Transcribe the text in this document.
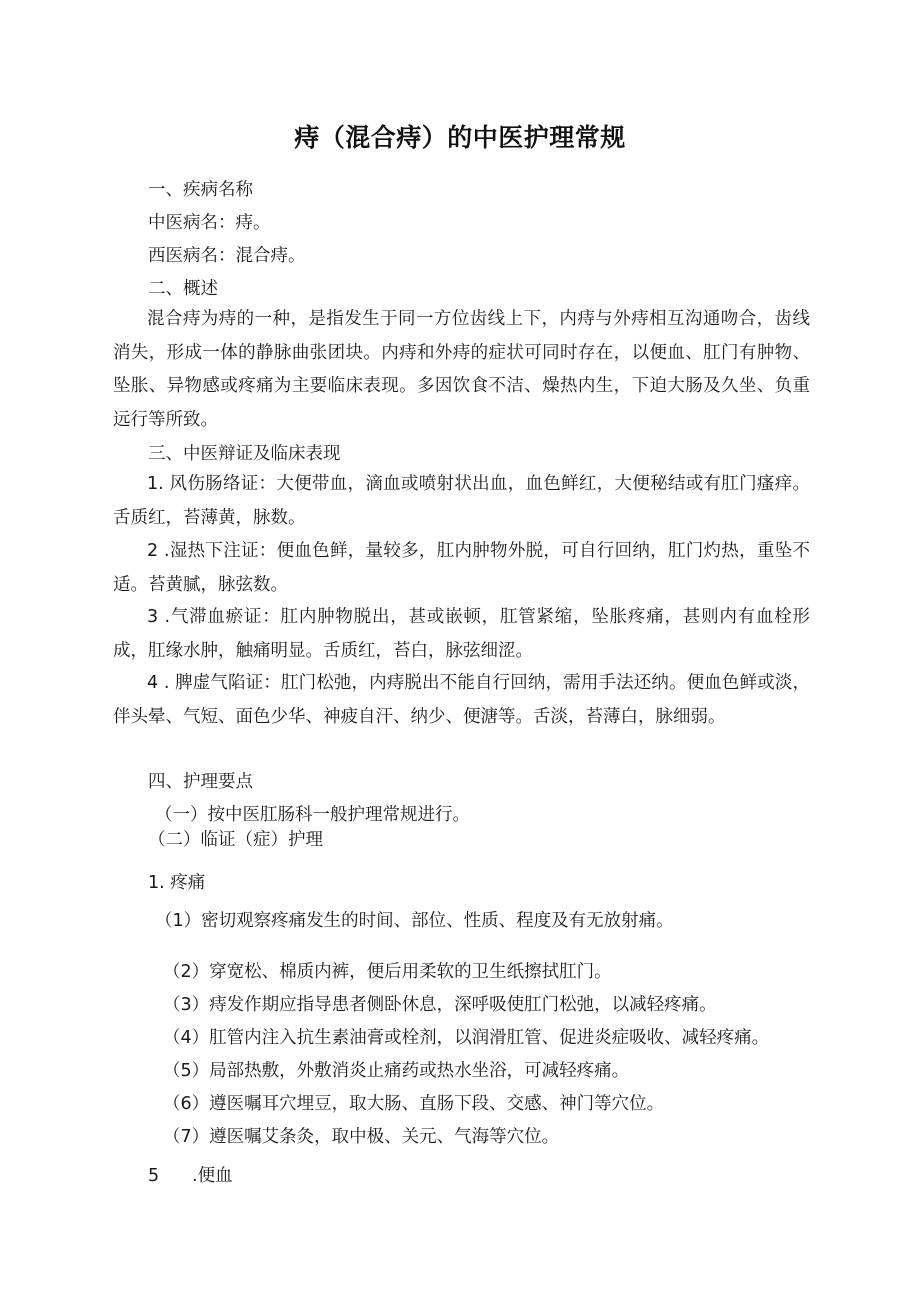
痔（混合痔）的中医护理常规
一、疾病名称
中医病名：痔。
西医病名：混合痔。
二、概述
混合痔为痔的一种，是指发生于同一方位齿线上下，内痔与外痔相互沟通吻合，齿线消失，形成一体的静脉曲张团块。内痔和外痔的症状可同时存在，以便血、肛门有肿物、坠胀、异物感或疼痛为主要临床表现。多因饮食不洁、燥热内生，下迫大肠及久坐、负重远行等所致。
三、中医辩证及临床表现
1. 风伤肠络证：大便带血，滴血或喷射状出血，血色鲜红，大便秘结或有肛门瘙痒。舌质红，苔薄黄，脉数。
2 .湿热下注证：便血色鲜，量较多，肛内肿物外脱，可自行回纳，肛门灼热，重坠不适。苔黄腻，脉弦数。
3 .气滞血瘀证：肛内肿物脱出，甚或嵌顿，肛管紧缩，坠胀疼痛，甚则内有血栓形成，肛缘水肿，触痛明显。舌质红，苔白，脉弦细涩。
4 . 脾虚气陷证：肛门松弛，内痔脱出不能自行回纳，需用手法还纳。便血色鲜或淡，伴头晕、气短、面色少华、神疲自汗、纳少、便溏等。舌淡，苔薄白，脉细弱。
四、护理要点
（一）按中医肛肠科一般护理常规进行。
（二）临证（症）护理
1. 疼痛
（1）密切观察疼痛发生的时间、部位、性质、程度及有无放射痛。
（2）穿宽松、棉质内裤，便后用柔软的卫生纸擦拭肛门。
（3）痔发作期应指导患者侧卧休息，深呼吸使肛门松弛，以减轻疼痛。
（4）肛管内注入抗生素油膏或栓剂，以润滑肛管、促进炎症吸收、减轻疼痛。
（5）局部热敷，外敷消炎止痛药或热水坐浴，可减轻疼痛。
（6）遵医嘱耳穴埋豆，取大肠、直肠下段、交感、神门等穴位。
（7）遵医嘱艾条灸，取中极、关元、气海等穴位。
5 .便血
